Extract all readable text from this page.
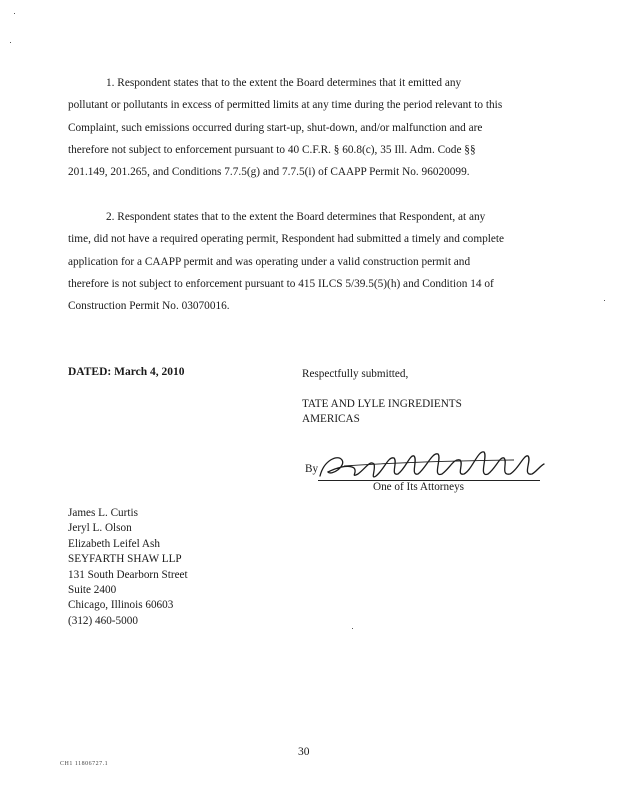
1. Respondent states that to the extent the Board determines that it emitted any

pollutant or pollutants in excess of permitted limits at any time during the period relevant to this

Complaint, such emissions occurred during start-up, shut-down, and/or malfunction and are

therefore not subject to enforcement pursuant to 40 C.F.R. § 60.8(c), 35 Ill. Adm. Code §§

201.149, 201.265, and Conditions 7.7.5(g) and 7.7.5(i) of CAAPP Permit No. 96020099.

2. Respondent states that to the extent the Board determines that Respondent, at any

time, did not have a required operating permit, Respondent had submitted a timely and complete

application for a CAAPP permit and was operating under a valid construction permit and

therefore is not subject to enforcement pursuant to 415 ILCS 5/39.5(5)(h) and Condition 14 of

Construction Permit No. 03070016.

DATED: March 4, 2010	Respectfully submitted,
TATE AND LYLE INGREDIENTS
AMERICAS
By
One of Its Attorneys
James L. Curtis
Jeryl L. Olson
Elizabeth Leifel Ash
SEYFARTH SHAW LLP
131 South Dearborn Street
Suite 2400
Chicago, Illinois 60603
(312) 460-5000
30
CH1 11806727.1
